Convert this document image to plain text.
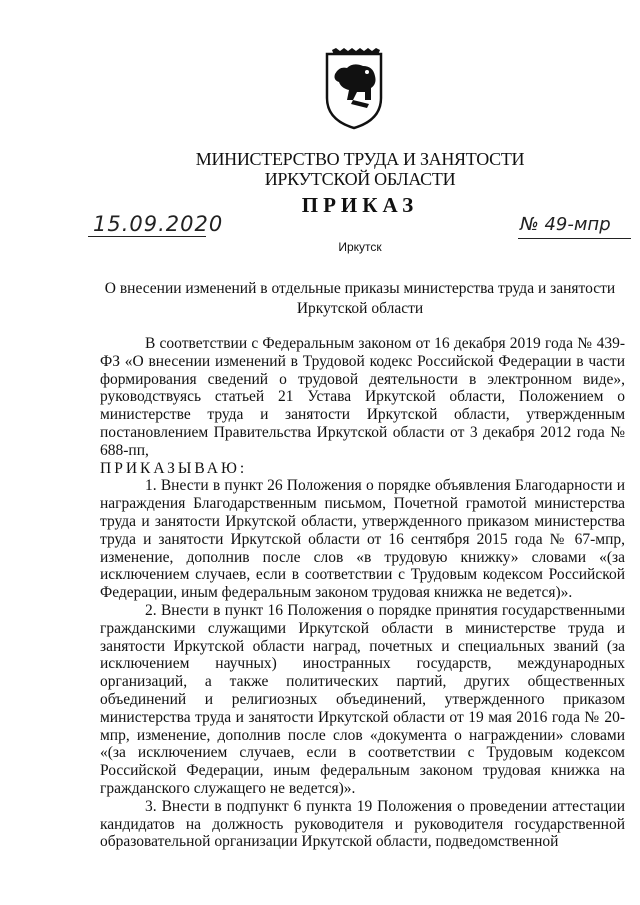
МИНИСТЕРСТВО ТРУДА И ЗАНЯТОСТИ
ИРКУТСКОЙ ОБЛАСТИ
ПРИКАЗ
15.09.2020	№ 49-мпр
Иркутск
О внесении изменений в отдельные приказы министерства труда и занятости Иркутской области

В соответствии с Федеральным законом от 16 декабря 2019 года № 439-ФЗ «О внесении изменений в Трудовой кодекс Российской Федерации в части формирования сведений о трудовой деятельности в электронном виде», руководствуясь статьей 21 Устава Иркутской области, Положением о министерстве труда и занятости Иркутской области, утвержденным постановлением Правительства Иркутской области от 3 декабря 2012 года № 688-пп,

ПРИКАЗЫВАЮ:

1. Внести в пункт 26 Положения о порядке объявления Благодарности и награждения Благодарственным письмом, Почетной грамотой министерства труда и занятости Иркутской области, утвержденного приказом министерства труда и занятости Иркутской области от 16 сентября 2015 года № 67-мпр, изменение, дополнив после слов «в трудовую книжку» словами «(за исключением случаев, если в соответствии с Трудовым кодексом Российской Федерации, иным федеральным законом трудовая книжка не ведется)».

2. Внести в пункт 16 Положения о порядке принятия государственными гражданскими служащими Иркутской области в министерстве труда и занятости Иркутской области наград, почетных и специальных званий (за исключением научных) иностранных государств, международных организаций, а также политических партий, других общественных объединений и религиозных объединений, утвержденного приказом министерства труда и занятости Иркутской области от 19 мая 2016 года № 20-мпр, изменение, дополнив после слов «документа о награждении» словами «(за исключением случаев, если в соответствии с Трудовым кодексом Российской Федерации, иным федеральным законом трудовая книжка на гражданского служащего не ведется)».

3. Внести в подпункт 6 пункта 19 Положения о проведении аттестации кандидатов на должность руководителя и руководителя государственной образовательной организации Иркутской области, подведомственной
